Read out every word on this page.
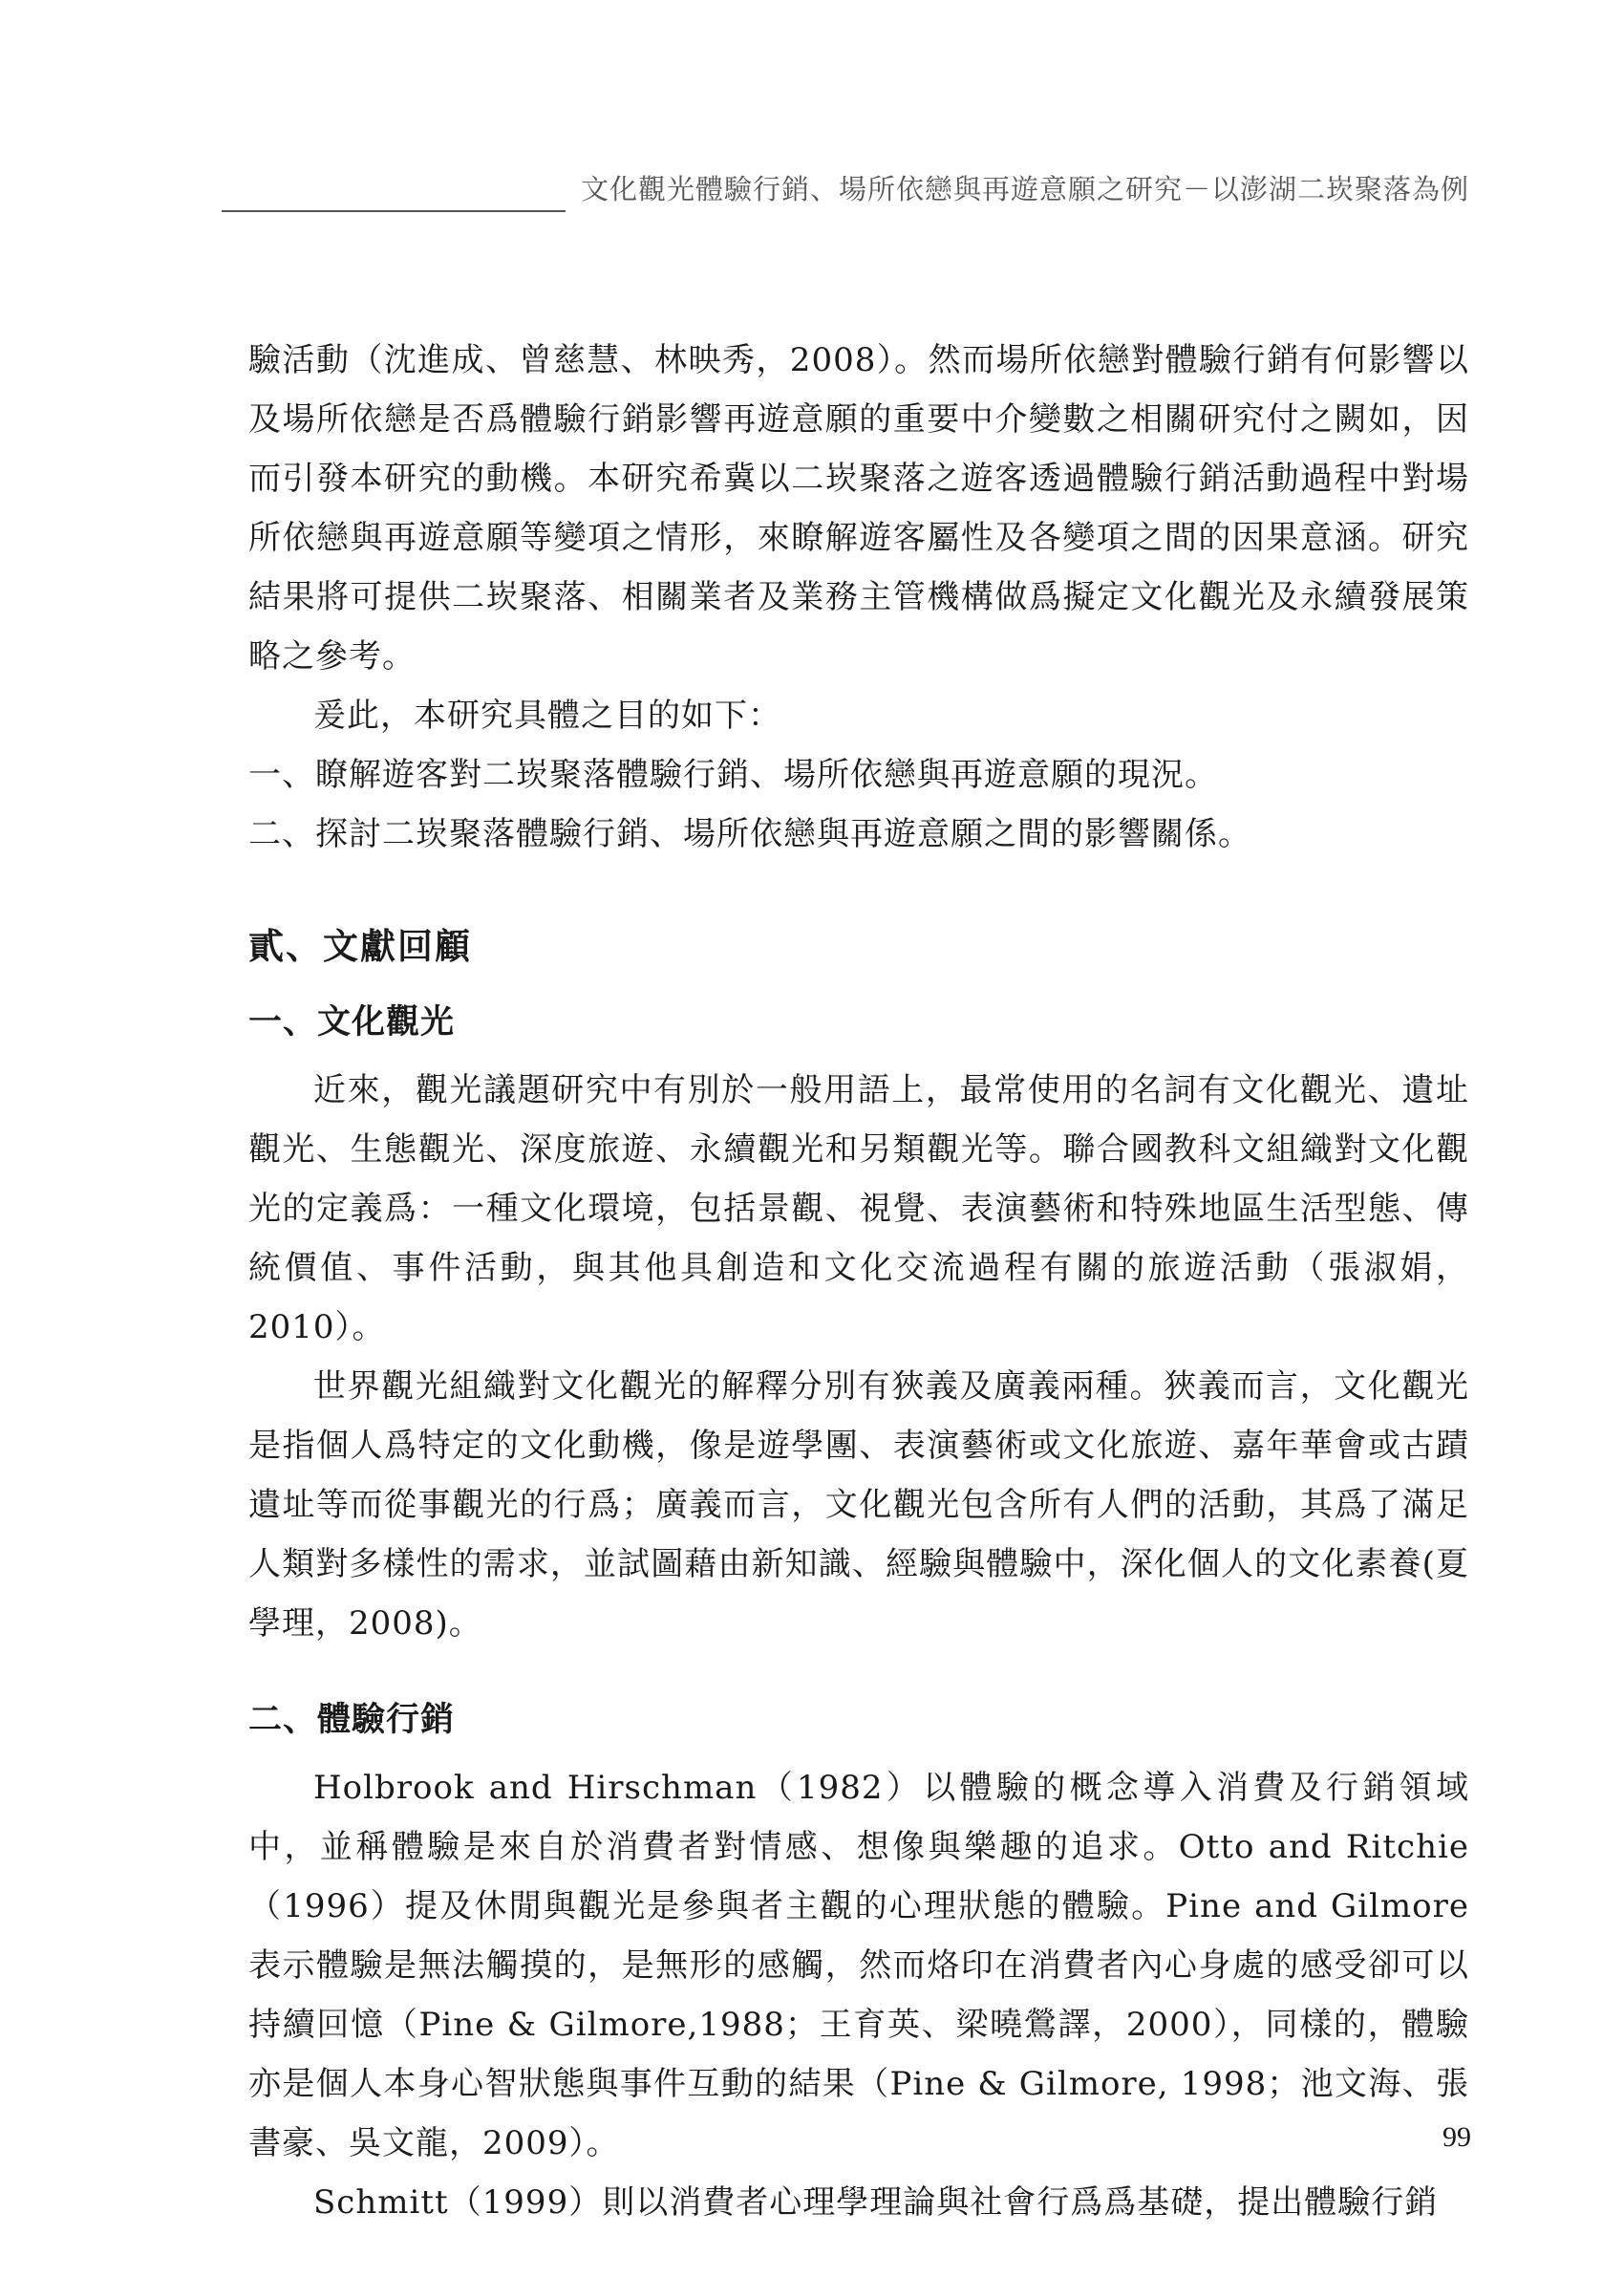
文化觀光體驗行銷、場所依戀與再遊意願之研究－以澎湖二崁聚落為例

驗活動（沈進成、曾慈慧、林映秀，2008）。然而場所依戀對體驗行銷有何影響以及場所依戀是否爲體驗行銷影響再遊意願的重要中介變數之相關研究付之闕如，因而引發本研究的動機。本研究希冀以二崁聚落之遊客透過體驗行銷活動過程中對場所依戀與再遊意願等變項之情形，來瞭解遊客屬性及各變項之間的因果意涵。研究結果將可提供二崁聚落、相關業者及業務主管機構做爲擬定文化觀光及永續發展策略之參考。

爰此，本研究具體之目的如下：

一、瞭解遊客對二崁聚落體驗行銷、場所依戀與再遊意願的現況。

二、探討二崁聚落體驗行銷、場所依戀與再遊意願之間的影響關係。

貳、文獻回顧
一、文化觀光

近來，觀光議題研究中有別於一般用語上，最常使用的名詞有文化觀光、遺址觀光、生態觀光、深度旅遊、永續觀光和另類觀光等。聯合國教科文組織對文化觀光的定義爲：一種文化環境，包括景觀、視覺、表演藝術和特殊地區生活型態、傳統價值、事件活動，與其他具創造和文化交流過程有關的旅遊活動（張淑娟，2010）。

世界觀光組織對文化觀光的解釋分別有狹義及廣義兩種。狹義而言，文化觀光是指個人爲特定的文化動機，像是遊學團、表演藝術或文化旅遊、嘉年華會或古蹟遺址等而從事觀光的行爲；廣義而言，文化觀光包含所有人們的活動，其爲了滿足人類對多樣性的需求，並試圖藉由新知識、經驗與體驗中，深化個人的文化素養(夏學理，2008)。

二、體驗行銷

Holbrook and Hirschman（1982）以體驗的概念導入消費及行銷領域中，並稱體驗是來自於消費者對情感、想像與樂趣的追求。Otto and Ritchie（1996）提及休閒與觀光是參與者主觀的心理狀態的體驗。Pine and Gilmore 表示體驗是無法觸摸的，是無形的感觸，然而烙印在消費者內心身處的感受卻可以持續回憶（Pine & Gilmore,1988；王育英、梁曉鶯譯，2000），同樣的，體驗亦是個人本身心智狀態與事件互動的結果（Pine & Gilmore, 1998；池文海、張書豪、吳文龍，2009）。

Schmitt（1999）則以消費者心理學理論與社會行爲爲基礎，提出體驗行銷

99
